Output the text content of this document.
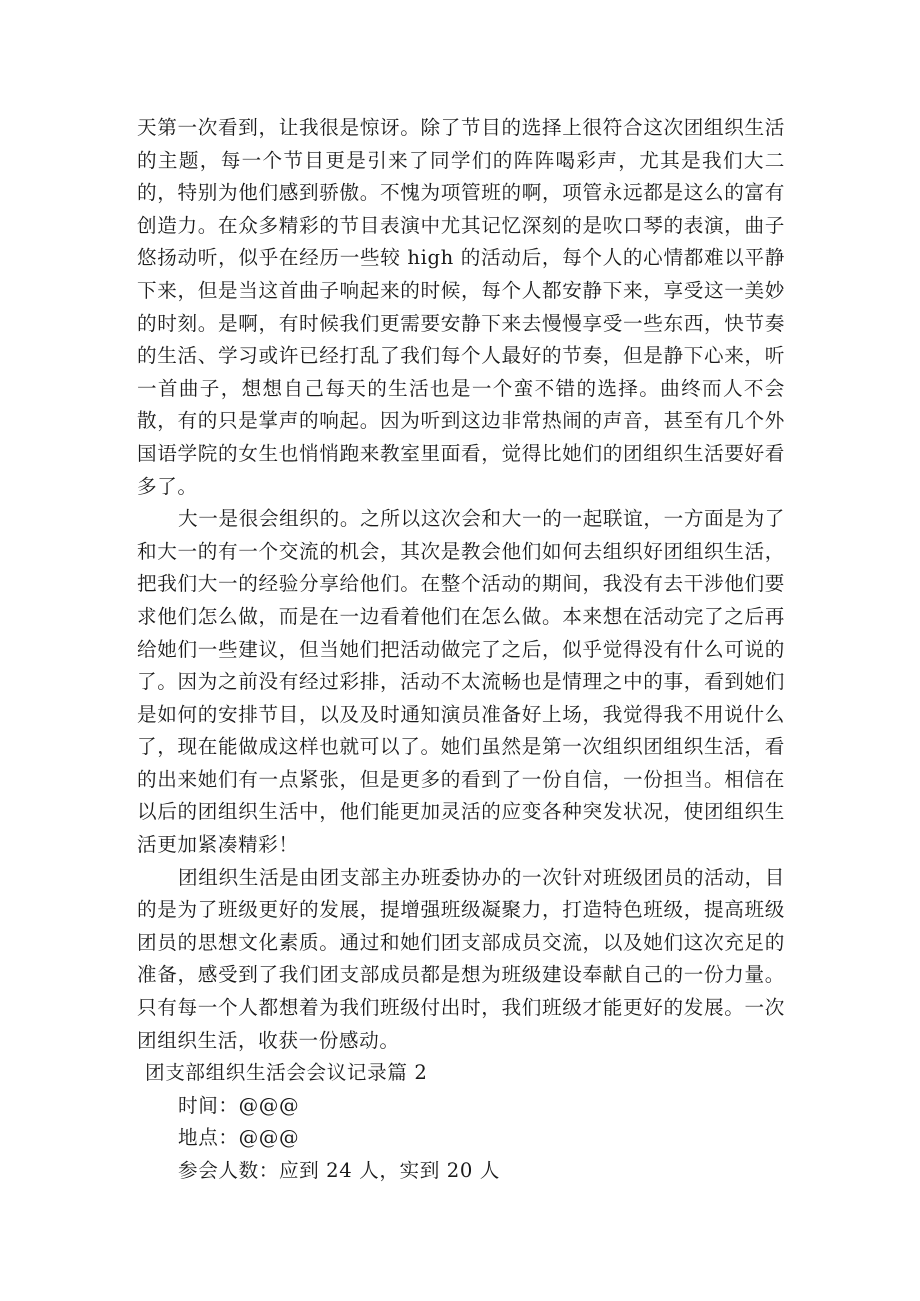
天第一次看到，让我很是惊讶。除了节目的选择上很符合这次团组织生活的主题，每一个节目更是引来了同学们的阵阵喝彩声，尤其是我们大二的，特别为他们感到骄傲。不愧为项管班的啊，项管永远都是这么的富有创造力。在众多精彩的节目表演中尤其记忆深刻的是吹口琴的表演，曲子悠扬动听，似乎在经历一些较 high 的活动后，每个人的心情都难以平静下来，但是当这首曲子响起来的时候，每个人都安静下来，享受这一美妙的时刻。是啊，有时候我们更需要安静下来去慢慢享受一些东西，快节奏的生活、学习或许已经打乱了我们每个人最好的节奏，但是静下心来，听一首曲子，想想自己每天的生活也是一个蛮不错的选择。曲终而人不会散，有的只是掌声的响起。因为听到这边非常热闹的声音，甚至有几个外国语学院的女生也悄悄跑来教室里面看，觉得比她们的团组织生活要好看多了。

大一是很会组织的。之所以这次会和大一的一起联谊，一方面是为了和大一的有一个交流的机会，其次是教会他们如何去组织好团组织生活，把我们大一的经验分享给他们。在整个活动的期间，我没有去干涉他们要求他们怎么做，而是在一边看着他们在怎么做。本来想在活动完了之后再给她们一些建议，但当她们把活动做完了之后，似乎觉得没有什么可说的了。因为之前没有经过彩排，活动不太流畅也是情理之中的事，看到她们是如何的安排节目，以及及时通知演员准备好上场，我觉得我不用说什么了，现在能做成这样也就可以了。她们虽然是第一次组织团组织生活，看的出来她们有一点紧张，但是更多的看到了一份自信，一份担当。相信在以后的团组织生活中，他们能更加灵活的应变各种突发状况，使团组织生活更加紧凑精彩！

团组织生活是由团支部主办班委协办的一次针对班级团员的活动，目的是为了班级更好的发展，提增强班级凝聚力，打造特色班级，提高班级团员的思想文化素质。通过和她们团支部成员交流，以及她们这次充足的准备，感受到了我们团支部成员都是想为班级建设奉献自己的一份力量。只有每一个人都想着为我们班级付出时，我们班级才能更好的发展。一次团组织生活，收获一份感动。

团支部组织生活会会议记录篇 2

时间：@@@

地点：@@@

参会人数：应到 24 人，实到 20 人
